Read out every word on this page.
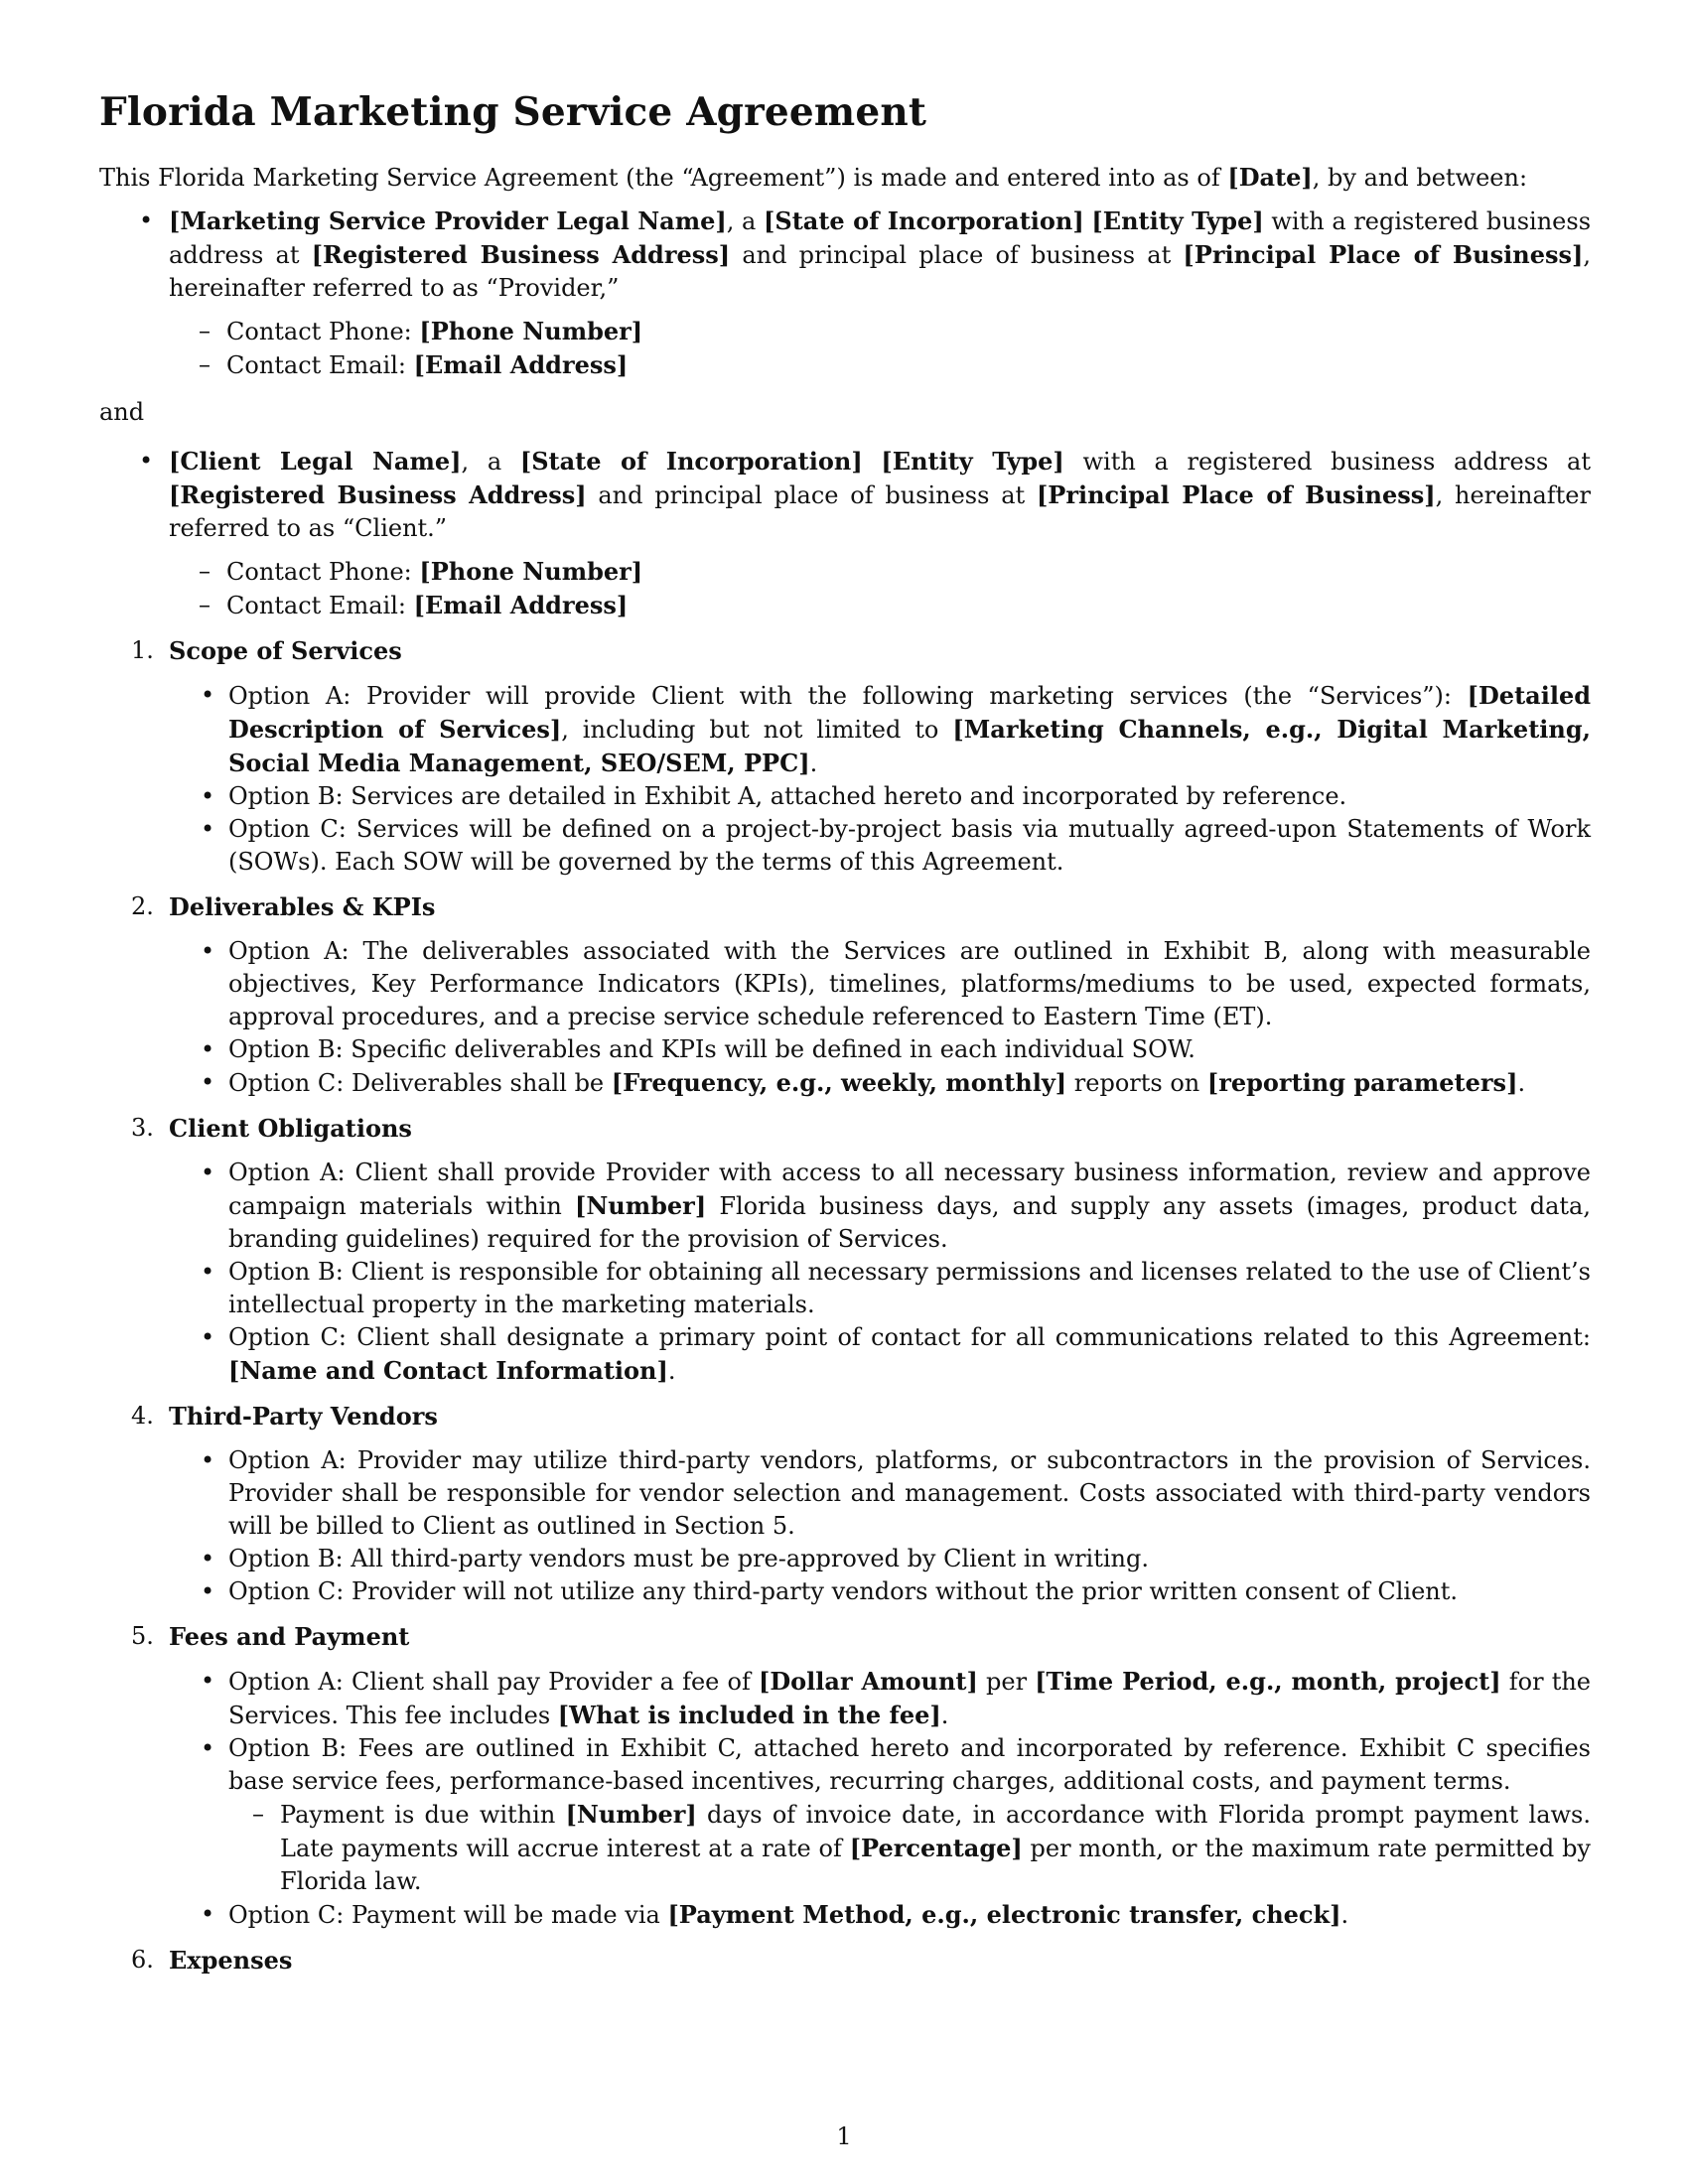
Florida Marketing Service Agreement

This Florida Marketing Service Agreement (the “Agreement”) is made and entered into as of [Date], by and between:

• [Marketing Service Provider Legal Name], a [State of Incorporation] [Entity Type] with a registered business address at [Registered Business Address] and principal place of business at [Principal Place of Business], hereinafter referred to as “Provider,”
– Contact Phone: [Phone Number]
– Contact Email: [Email Address]

and

• [Client Legal Name], a [State of Incorporation] [Entity Type] with a registered business address at [Registered Business Address] and principal place of business at [Principal Place of Business], hereinafter referred to as “Client.”
– Contact Phone: [Phone Number]
– Contact Email: [Email Address]
1. Scope of Services
• Option A: Provider will provide Client with the following marketing services (the “Services”): [Detailed Description of Services], including but not limited to [Marketing Channels, e.g., Digital Marketing, Social Media Management, SEO/SEM, PPC].
• Option B: Services are detailed in Exhibit A, attached hereto and incorporated by reference.
• Option C: Services will be defined on a project-by-project basis via mutually agreed-upon Statements of Work (SOWs). Each SOW will be governed by the terms of this Agreement.
2. Deliverables & KPIs
• Option A: The deliverables associated with the Services are outlined in Exhibit B, along with measurable objectives, Key Performance Indicators (KPIs), timelines, platforms/mediums to be used, expected formats, approval procedures, and a precise service schedule referenced to Eastern Time (ET).
• Option B: Specific deliverables and KPIs will be defined in each individual SOW.
• Option C: Deliverables shall be [Frequency, e.g., weekly, monthly] reports on [reporting parameters].
3. Client Obligations
• Option A: Client shall provide Provider with access to all necessary business information, review and approve campaign materials within [Number] Florida business days, and supply any assets (images, product data, branding guidelines) required for the provision of Services.
• Option B: Client is responsible for obtaining all necessary permissions and licenses related to the use of Client’s intellectual property in the marketing materials.
• Option C: Client shall designate a primary point of contact for all communications related to this Agreement: [Name and Contact Information].
4. Third-Party Vendors
• Option A: Provider may utilize third-party vendors, platforms, or subcontractors in the provision of Services. Provider shall be responsible for vendor selection and management. Costs associated with third-party vendors will be billed to Client as outlined in Section 5.
• Option B: All third-party vendors must be pre-approved by Client in writing.
• Option C: Provider will not utilize any third-party vendors without the prior written consent of Client.
5. Fees and Payment
• Option A: Client shall pay Provider a fee of [Dollar Amount] per [Time Period, e.g., month, project] for the Services. This fee includes [What is included in the fee].
• Option B: Fees are outlined in Exhibit C, attached hereto and incorporated by reference. Exhibit C specifies base service fees, performance-based incentives, recurring charges, additional costs, and payment terms.
– Payment is due within [Number] days of invoice date, in accordance with Florida prompt payment laws. Late payments will accrue interest at a rate of [Percentage] per month, or the maximum rate permitted by Florida law.
• Option C: Payment will be made via [Payment Method, e.g., electronic transfer, check].
6. Expenses
1
